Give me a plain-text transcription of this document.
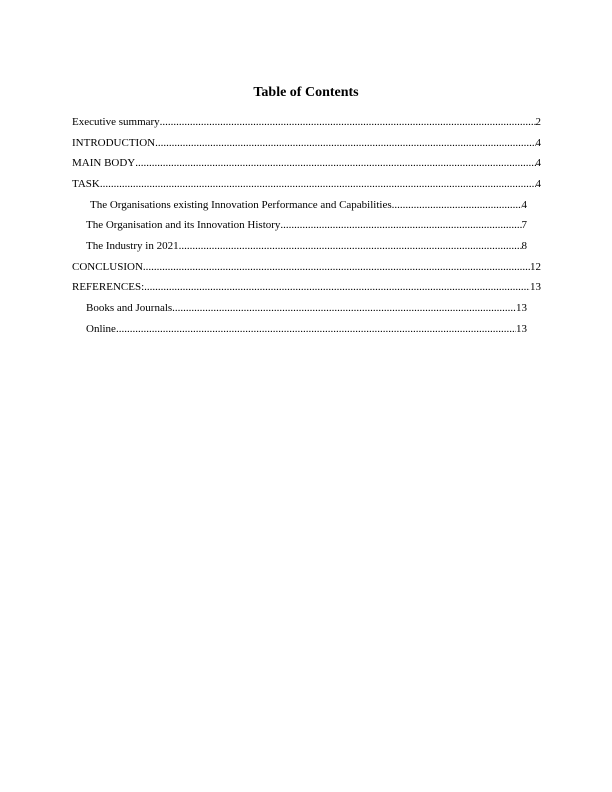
Table of Contents
Executive summary .....	2
INTRODUCTION .....	4
MAIN BODY .....	4
TASK .....	4
The Organisations existing Innovation Performance and Capabilities .....	4
The Organisation and its Innovation History .....	7
The Industry in 2021 .....	8
CONCLUSION .....	12
REFERENCES: .....	13
Books and Journals .....	13
Online .....	13
